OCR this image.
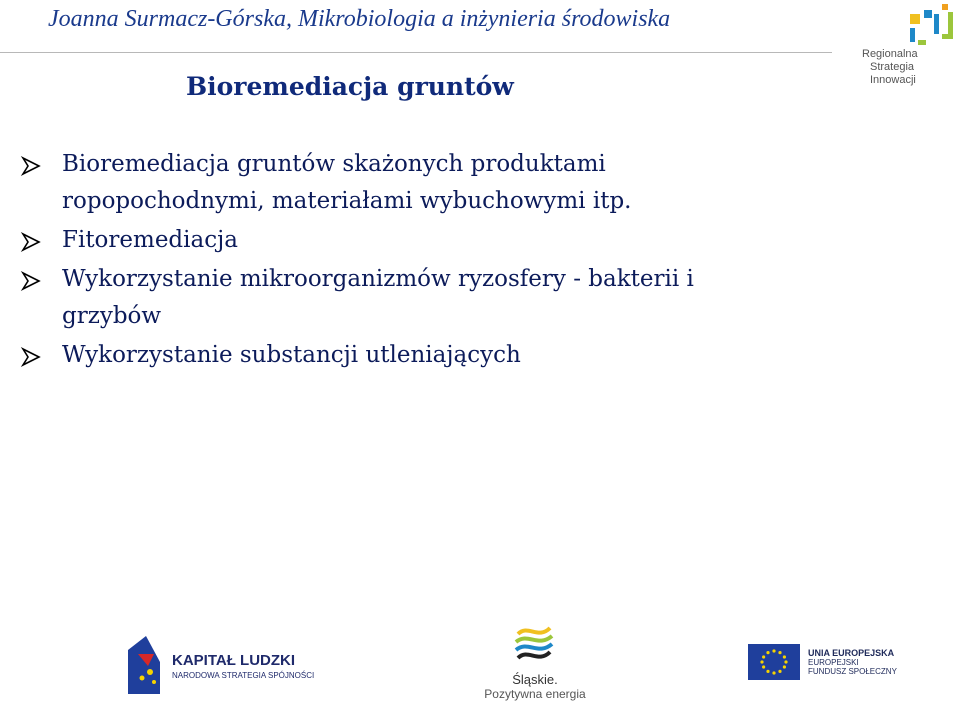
Joanna Surmacz-Górska, Mikrobiologia a inżynieria środowiska
Regionalna
Strategia
Innowacji
Bioremediacja gruntów
Bioremediacja gruntów skażonych produktami ropopochodnymi, materiałami wybuchowymi itp.
Fitoremediacja
Wykorzystanie mikroorganizmów ryzosfery - bakterii i grzybów
Wykorzystanie substancji utleniających
KAPITAŁ LUDZKI
NARODOWA STRATEGIA SPÓJNOŚCI	Śląskie.
Pozytywna energia
UNIA EUROPEJSKA
EUROPEJSKI
FUNDUSZ SPOŁECZNY
